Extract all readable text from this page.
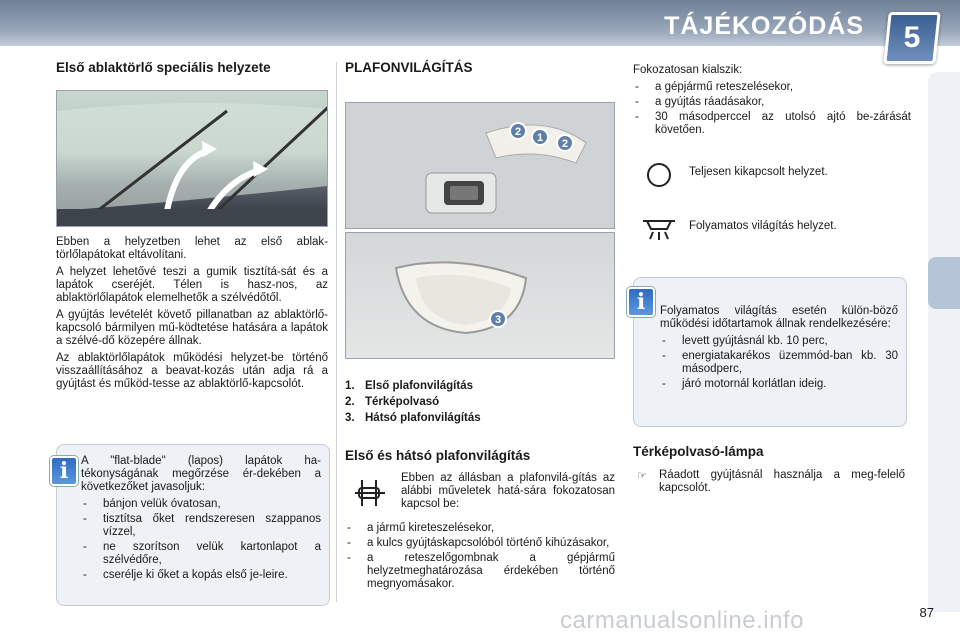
TÁJÉKOZÓDÁS	5
Első ablaktörlő speciális helyzete

Ebben a helyzetben lehet az első ablak-törlőlapátokat eltávolítani.

A helyzet lehetővé teszi a gumik tisztítá-sát és a lapátok cseréjét. Télen is hasz-nos, az ablaktörlőlapátok elemelhetők a szélvédőtől.

A gyújtás levételét követő pillanatban az ablaktörlő-kapcsoló bármilyen mű-ködtetése hatására a lapátok a szélvé-dő közepére állnak.

Az ablaktörlőlapátok működési helyzet-be történő visszaállításához a beavat-kozás után adja rá a gyújtást és működ-tesse az ablaktörlő-kapcsolót.

A "flat-blade" (lapos) lapátok ha-tékonyságának megőrzése ér-dekében a következőket javasoljuk:

- bánjon velük óvatosan,
- tisztítsa őket rendszeresen szappanos vízzel,
- ne szorítson velük kartonlapot a szélvédőre,
- cserélje ki őket a kopás első je-leire.
i
PLAFONVILÁGÍTÁS
2 1 2
3
1. Első plafonvilágítás
2. Térképolvasó
3. Hátsó plafonvilágítás
Első és hátsó plafonvilágítás

Ebben az állásban a plafonvilá-gítás az alábbi műveletek hatá-sára fokozatosan kapcsol be:

- a jármű kireteszelésekor,
- a kulcs gyújtáskapcsolóból történő kihúzásakor,
- a reteszelőgombnak a gépjármű helyzetmeghatározása érdekében történő megnyomásakor.

Fokozatosan kialszik:

- a gépjármű reteszelésekor,
- a gyújtás ráadásakor,
- 30 másodperccel az utolsó ajtó be-zárását követően.
Teljesen kikapcsolt helyzet.
Folyamatos világítás helyzet.

Folyamatos világítás esetén külön-böző működési időtartamok állnak rendelkezésére:

- levett gyújtásnál kb. 10 perc,
- energiatakarékos üzemmód-ban kb. 30 másodperc,
- járó motornál korlátlan ideig.
i
Térképolvasó-lámpa
☞ Ráadott gyújtásnál használja a meg-felelő kapcsolót.

87
carmanualsonline.info
